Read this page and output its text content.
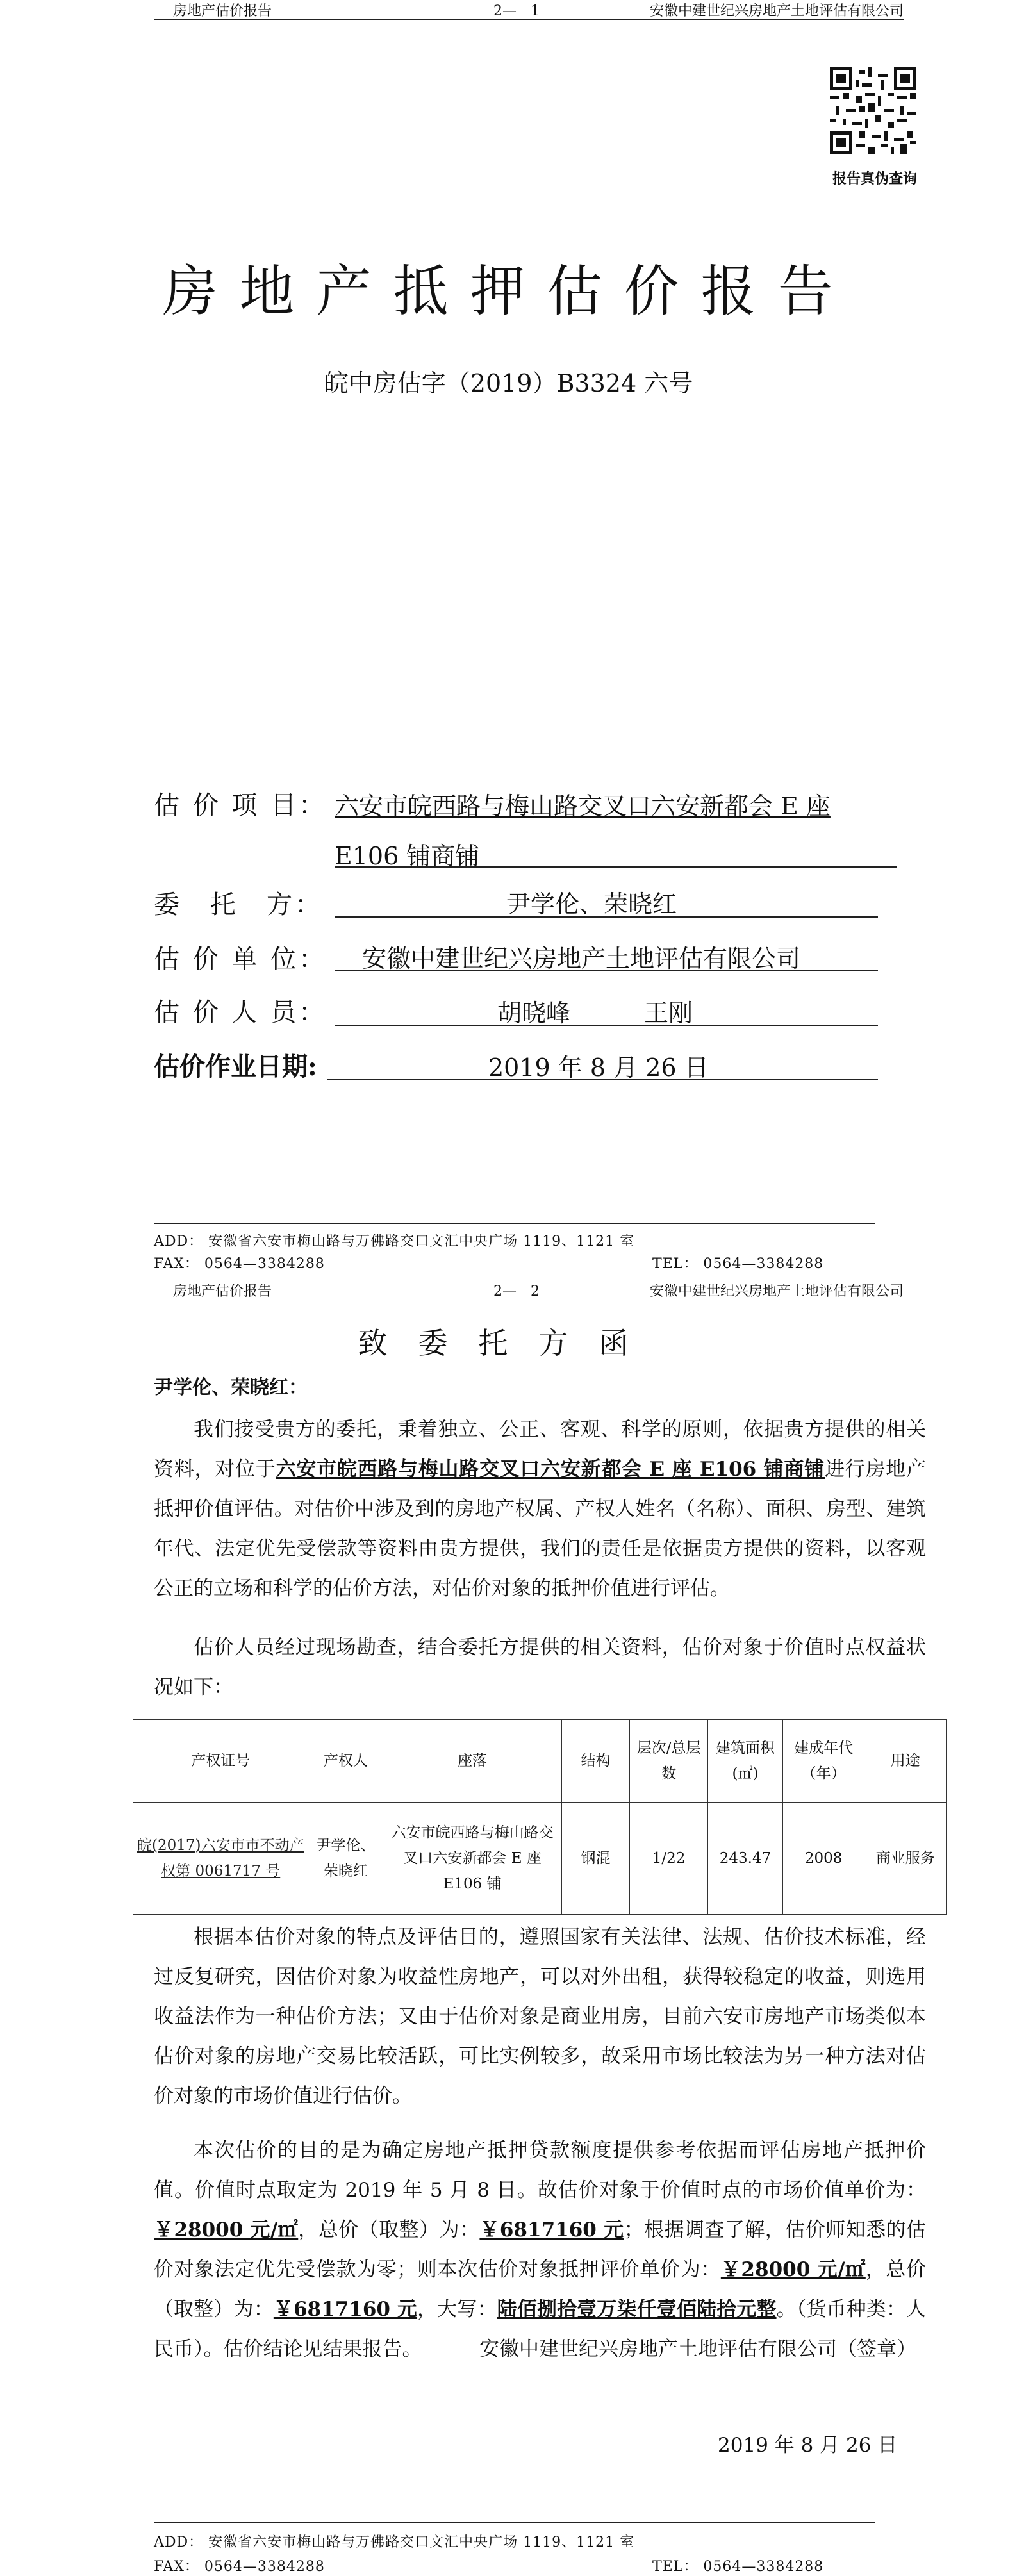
房地产估价报告	2—　1	安徽中建世纪兴房地产土地评估有限公司
报告真伪查询
房地产抵押估价报告
皖中房估字（2019）B3324 六号
估 价 项 目： 六安市皖西路与梅山路交叉口六安新都会 E 座
E106 铺商铺
委　托　方：	尹学伦、荣晓红
估 价 单 位： 安徽中建世纪兴房地产土地评估有限公司
估 价 人 员：	胡晓峰	王刚
估价作业日期:	2019 年 8 月 26 日
ADD： 安徽省六安市梅山路与万佛路交口文汇中央广场 1119、1121 室
FAX： 0564—3384288	TEL： 0564—3384288
房地产估价报告	2—　2	安徽中建世纪兴房地产土地评估有限公司
致委托方函
尹学伦、荣晓红：
我们接受贵方的委托，秉着独立、公正、客观、科学的原则，依据贵方提供的相关资料，对位于六安市皖西路与梅山路交叉口六安新都会 E 座 E106 铺商铺进行房地产抵押价值评估。对估价中涉及到的房地产权属、产权人姓名（名称）、面积、房型、建筑年代、法定优先受偿款等资料由贵方提供，我们的责任是依据贵方提供的资料，以客观公正的立场和科学的估价方法，对估价对象的抵押价值进行评估。
估价人员经过现场勘查，结合委托方提供的相关资料，估价对象于价值时点权益状况如下：
产权证号	产权人	座落	结构	层次/总层数	建筑面积(㎡)	建成年代（年）	用途
皖(2017)六安市市不动产权第 0061717 号	尹学伦、荣晓红	六安市皖西路与梅山路交叉口六安新都会 E 座 E106 铺	钢混	1/22	243.47	2008	商业服务
根据本估价对象的特点及评估目的，遵照国家有关法律、法规、估价技术标准，经过反复研究，因估价对象为收益性房地产，可以对外出租，获得较稳定的收益，则选用收益法作为一种估价方法；又由于估价对象是商业用房，目前六安市房地产市场类似本估价对象的房地产交易比较活跃，可比实例较多，故采用市场比较法为另一种方法对估价对象的市场价值进行估价。
本次估价的目的是为确定房地产抵押贷款额度提供参考依据而评估房地产抵押价值。价值时点取定为 2019 年 5 月 8 日。故估价对象于价值时点的市场价值单价为：￥28000 元/㎡，总价（取整）为：￥6817160 元；根据调查了解，估价师知悉的估价对象法定优先受偿款为零；则本次估价对象抵押评价单价为：￥28000 元/㎡，总价（取整）为：￥6817160 元，大写：陆佰捌拾壹万柒仟壹佰陆拾元整。（货币种类：人民币）。估价结论见结果报告。	安徽中建世纪兴房地产土地评估有限公司（签章）
2019 年 8 月 26 日
ADD： 安徽省六安市梅山路与万佛路交口文汇中央广场 1119、1121 室
FAX： 0564—3384288	TEL： 0564—3384288
